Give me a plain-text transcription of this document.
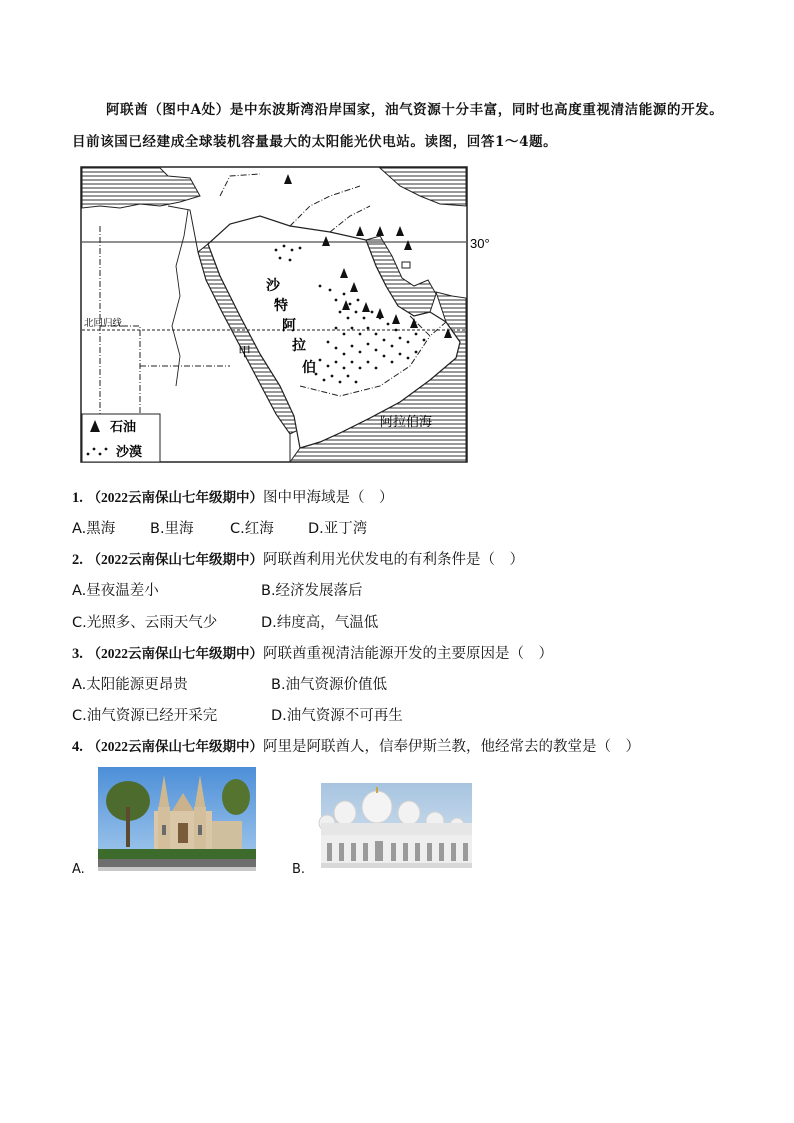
阿联酋（图中A处）是中东波斯湾沿岸国家，油气资源十分丰富，同时也高度重视清洁能源的开发。目前该国已经建成全球装机容量最大的太阳能光伏电站。读图，回答1～4题。
30°
北回归线
甲
沙
特
阿
拉
伯
阿拉伯海
石油
沙漠
1. （2022云南保山七年级期中）图中甲海域是（　）
A.黑海 B.里海	C.红海 D.亚丁湾
2. （2022云南保山七年级期中）阿联酋利用光伏发电的有利条件是（　）
A.昼夜温差小	B.经济发展落后
C.光照多、云雨天气少	D.纬度高，气温低
3. （2022云南保山七年级期中）阿联酋重视清洁能源开发的主要原因是（　）
A.太阳能源更昂贵	B.油气资源价值低
C.油气资源已经开采完	D.油气资源不可再生
4. （2022云南保山七年级期中）阿里是阿联酋人，信奉伊斯兰教，他经常去的教堂是（　）
A.	B.
